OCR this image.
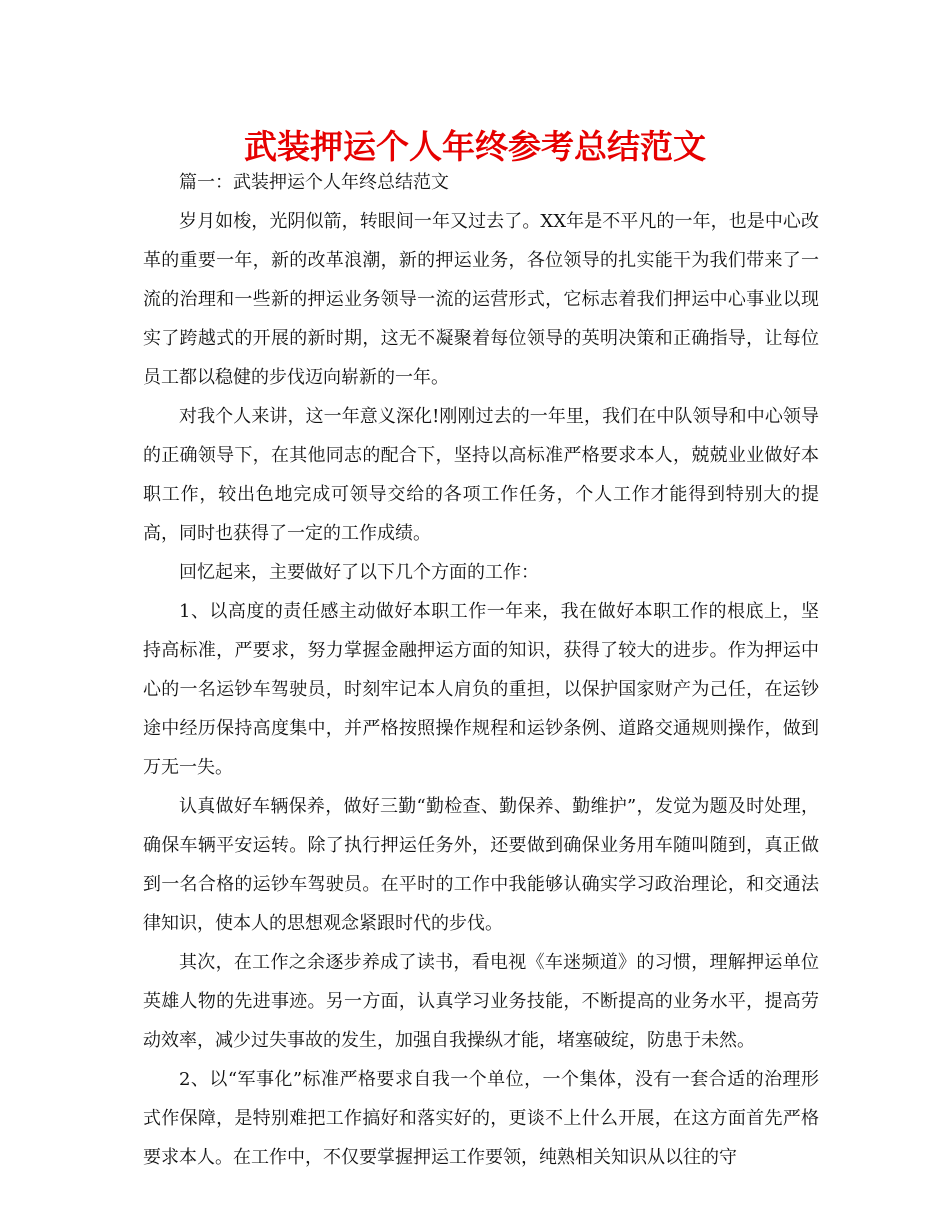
武装押运个人年终参考总结范文

篇一：武装押运个人年终总结范文

岁月如梭，光阴似箭，转眼间一年又过去了。XX年是不平凡的一年，也是中心改革的重要一年，新的改革浪潮，新的押运业务，各位领导的扎实能干为我们带来了一流的治理和一些新的押运业务领导一流的运营形式，它标志着我们押运中心事业以现实了跨越式的开展的新时期，这无不凝聚着每位领导的英明决策和正确指导，让每位员工都以稳健的步伐迈向崭新的一年。

对我个人来讲，这一年意义深化!刚刚过去的一年里，我们在中队领导和中心领导的正确领导下，在其他同志的配合下，坚持以高标准严格要求本人，兢兢业业做好本职工作，较出色地完成可领导交给的各项工作任务，个人工作才能得到特别大的提高，同时也获得了一定的工作成绩。

回忆起来，主要做好了以下几个方面的工作：

1、以高度的责任感主动做好本职工作一年来，我在做好本职工作的根底上，坚持高标准，严要求，努力掌握金融押运方面的知识，获得了较大的进步。作为押运中心的一名运钞车驾驶员，时刻牢记本人肩负的重担，以保护国家财产为己任，在运钞途中经历保持高度集中，并严格按照操作规程和运钞条例、道路交通规则操作，做到万无一失。

认真做好车辆保养，做好三勤“勤检查、勤保养、勤维护”，发觉为题及时处理，确保车辆平安运转。除了执行押运任务外，还要做到确保业务用车随叫随到，真正做到一名合格的运钞车驾驶员。在平时的工作中我能够认确实学习政治理论，和交通法律知识，使本人的思想观念紧跟时代的步伐。

其次，在工作之余逐步养成了读书，看电视《车迷频道》的习惯，理解押运单位英雄人物的先进事迹。另一方面，认真学习业务技能，不断提高的业务水平，提高劳动效率，减少过失事故的发生，加强自我操纵才能，堵塞破绽，防患于未然。

2、以“军事化”标准严格要求自我一个单位，一个集体，没有一套合适的治理形式作保障，是特别难把工作搞好和落实好的，更谈不上什么开展，在这方面首先严格要求本人。在工作中，不仅要掌握押运工作要领，纯熟相关知识从以往的守
